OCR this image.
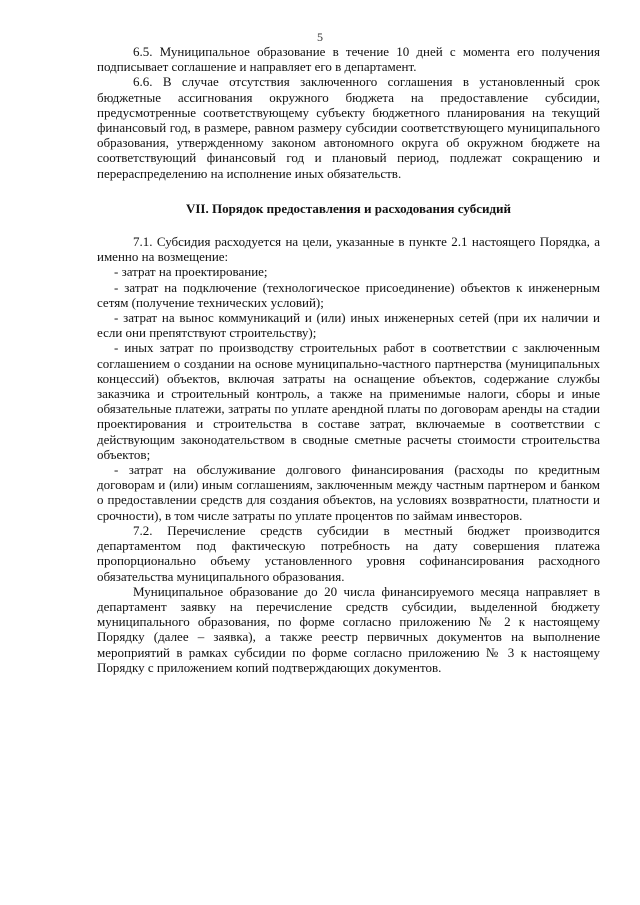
5

6.5. Муниципальное образование в течение 10 дней с момента его получения подписывает соглашение и направляет его в департамент.

6.6. В случае отсутствия заключенного соглашения в установленный срок бюджетные ассигнования окружного бюджета на предоставление субсидии, предусмотренные соответствующему субъекту бюджетного планирования на текущий финансовый год, в размере, равном размеру субсидии соответствующего муниципального образования, утвержденному законом автономного округа об окружном бюджете на соответствующий финансовый год и плановый период, подлежат сокращению и перераспределению на исполнение иных обязательств.

VII. Порядок предоставления и расходования субсидий

7.1. Субсидия расходуется на цели, указанные в пункте 2.1 настоящего Порядка, а именно на возмещение:

- затрат на проектирование;

- затрат на подключение (технологическое присоединение) объектов к инженерным сетям (получение технических условий);

- затрат на вынос коммуникаций и (или) иных инженерных сетей (при их наличии и если они препятствуют строительству);

- иных затрат по производству строительных работ в соответствии с заключенным соглашением о создании на основе муниципально-частного партнерства (муниципальных концессий) объектов, включая затраты на оснащение объектов, содержание службы заказчика и строительный контроль, а также на применимые налоги, сборы и иные обязательные платежи, затраты по уплате арендной платы по договорам аренды на стадии проектирования и строительства в составе затрат, включаемые в соответствии с действующим законодательством в сводные сметные расчеты стоимости строительства объектов;

- затрат на обслуживание долгового финансирования (расходы по кредитным договорам и (или) иным соглашениям, заключенным между частным партнером и банком о предоставлении средств для создания объектов, на условиях возвратности, платности и срочности), в том числе затраты по уплате процентов по займам инвесторов.

7.2. Перечисление средств субсидии в местный бюджет производится департаментом под фактическую потребность на дату совершения платежа пропорционально объему установленного уровня софинансирования расходного обязательства муниципального образования.

Муниципальное образование до 20 числа финансируемого месяца направляет в департамент заявку на перечисление средств субсидии, выделенной бюджету муниципального образования, по форме согласно приложению № 2 к настоящему Порядку (далее – заявка), а также реестр первичных документов на выполнение мероприятий в рамках субсидии по форме согласно приложению № 3 к настоящему Порядку с приложением копий подтверждающих документов.
